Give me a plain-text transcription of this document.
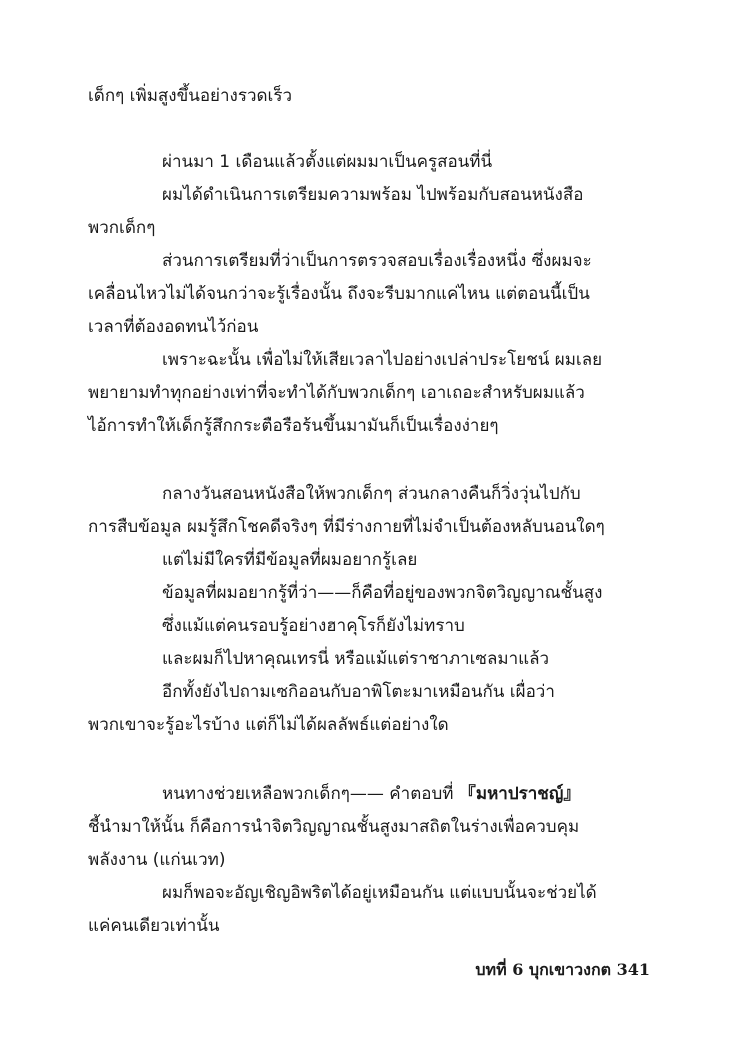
เด็กๆ เพิ่มสูงขึ้นอย่างรวดเร็ว
ผ่านมา 1 เดือนแล้วตั้งแต่ผมมาเป็นครูสอนที่นี่
ผมได้ดำเนินการเตรียมความพร้อม ไปพร้อมกับสอนหนังสือ
พวกเด็กๆ
ส่วนการเตรียมที่ว่าเป็นการตรวจสอบเรื่องเรื่องหนึ่ง ซึ่งผมจะ
เคลื่อนไหวไม่ได้จนกว่าจะรู้เรื่องนั้น ถึงจะรีบมากแค่ไหน แต่ตอนนี้เป็น
เวลาที่ต้องอดทนไว้ก่อน
เพราะฉะนั้น เพื่อไม่ให้เสียเวลาไปอย่างเปล่าประโยชน์ ผมเลย
พยายามทำทุกอย่างเท่าที่จะทำได้กับพวกเด็กๆ เอาเถอะสำหรับผมแล้ว
ไอ้การทำให้เด็กรู้สึกกระตือรือร้นขึ้นมามันก็เป็นเรื่องง่ายๆ
กลางวันสอนหนังสือให้พวกเด็กๆ ส่วนกลางคืนก็วิ่งวุ่นไปกับ
การสืบข้อมูล ผมรู้สึกโชคดีจริงๆ ที่มีร่างกายที่ไม่จำเป็นต้องหลับนอนใดๆ
แต่ไม่มีใครที่มีข้อมูลที่ผมอยากรู้เลย
ข้อมูลที่ผมอยากรู้ที่ว่า——ก็คือที่อยู่ของพวกจิตวิญญาณชั้นสูง
ซึ่งแม้แต่คนรอบรู้อย่างฮาคุโรก็ยังไม่ทราบ
และผมก็ไปหาคุณเทรนี่ หรือแม้แต่ราชาภาเซลมาแล้ว
อีกทั้งยังไปถามเซกิออนกับอาพิโตะมาเหมือนกัน เผื่อว่า
พวกเขาจะรู้อะไรบ้าง แต่ก็ไม่ได้ผลลัพธ์แต่อย่างใด
หนทางช่วยเหลือพวกเด็กๆ—— คำตอบที่ 『มหาปราชญ์』
ชี้นำมาให้นั้น ก็คือการนำจิตวิญญาณชั้นสูงมาสถิตในร่างเพื่อควบคุม
พลังงาน (แก่นเวท)
ผมก็พอจะอัญเชิญอิพริตได้อยู่เหมือนกัน แต่แบบนั้นจะช่วยได้
แค่คนเดียวเท่านั้น
บทที่ 6 บุกเขาวงกต 341
